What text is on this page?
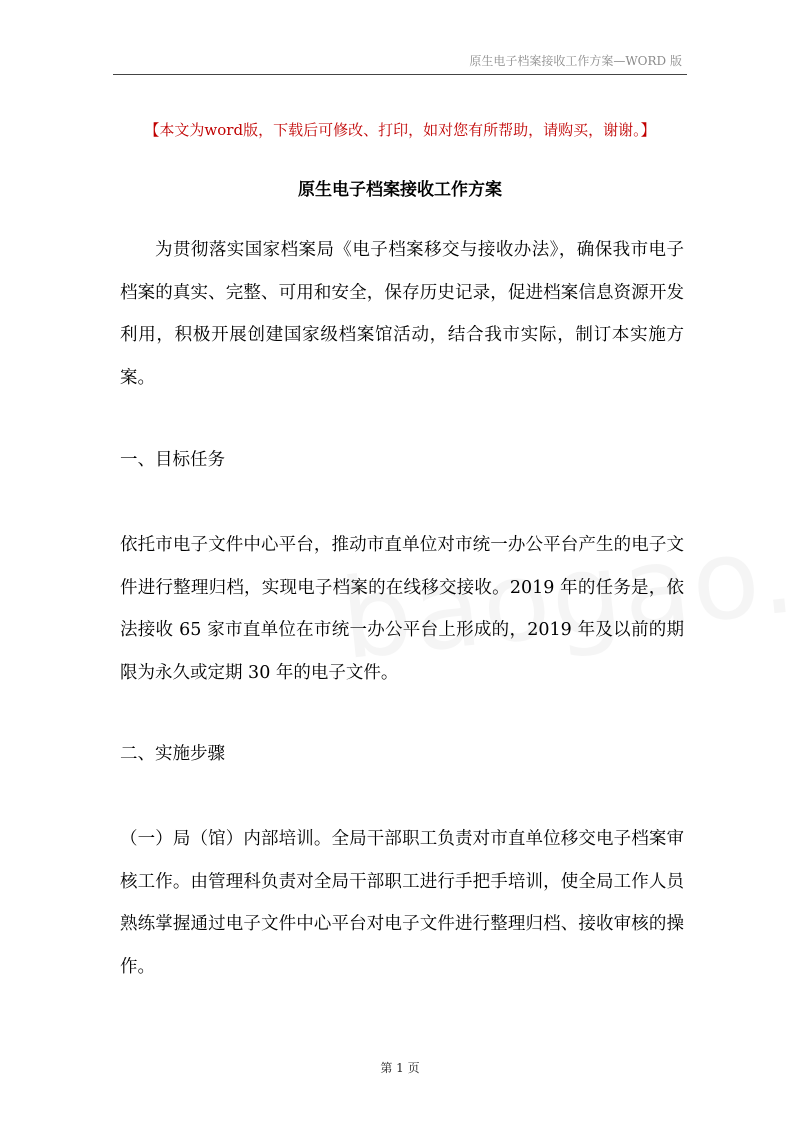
原生电子档案接收工作方案—WORD 版
【本文为word版，下载后可修改、打印，如对您有所帮助，请购买，谢谢。】
原生电子档案接收工作方案

为贯彻落实国家档案局《电子档案移交与接收办法》，确保我市电子档案的真实、完整、可用和安全，保存历史记录，促进档案信息资源开发利用，积极开展创建国家级档案馆活动，结合我市实际，制订本实施方案。

一、目标任务

依托市电子文件中心平台，推动市直单位对市统一办公平台产生的电子文件进行整理归档，实现电子档案的在线移交接收。2019 年的任务是，依法接收 65 家市直单位在市统一办公平台上形成的，2019 年及以前的期限为永久或定期 30 年的电子文件。

二、实施步骤

（一）局（馆）内部培训。全局干部职工负责对市直单位移交电子档案审核工作。由管理科负责对全局干部职工进行手把手培训，使全局工作人员熟练掌握通过电子文件中心平台对电子文件进行整理归档、接收审核的操作。

第 1 页
